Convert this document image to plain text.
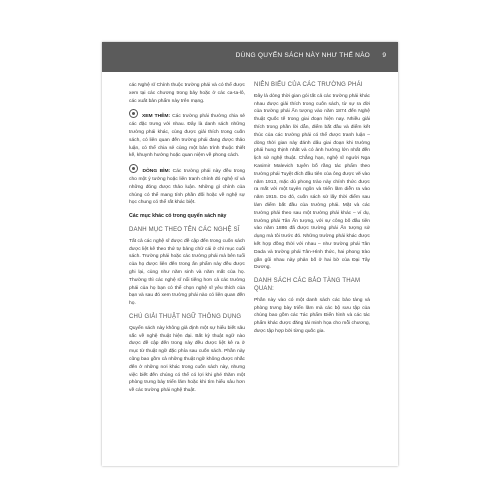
DÙNG QUYỂN SÁCH NÀY NHƯ THẾ NÀO 9

các Nghệ sĩ Chính thuộc trường phái và có thể được xem tại các chương trong bảy hoặc ở các ca-ta-lô, các xuất bản phẩm này trên mạng.

XEM THÊM: Các trường phái thường chia sẻ các đặc trưng với nhau. Đây là danh sách những trường phái khác, cùng được giải thích trong cuốn sách, có liên quan đến trường phái đang được thảo luận, có thể chia sẻ cùng một bản trình thuộc thiết kế, khuynh hướng hoặc quan niệm về phong cách.

DÒNG BÌM: Các trường phái này đều trong cho một ý tưởng hoặc liên tranh chính đó nghệ sĩ và những đóng được thảo luận. Những gì chính của chúng có thể mang tính phần đối hoặc về nghệ sự học chung có thể rất khác biệt.

Các mục khác có trong quyển sách này
DANH MỤC THEO TÊN CÁC NGHỆ SĨ

Tất cả các nghệ sĩ được đề cập đến trong cuốn sách được liệt kê theo thứ tự bảng chữ cái ở chỉ mục cuối sách. Trường phái hoặc các trường phái mà bên tuổi của họ được liên đến trong ấn phẩm này đều được ghi lại, cùng như năm sinh và năm mất của họ. Thường thì các nghệ sĩ nổi tiếng hơn cả các trường phái của họ bạn có thể chọn nghệ sĩ yêu thích của bạn và sau đó xem trường phái nào có liên quan đến họ.

CHÚ GIẢI THUẬT NGỮ THÔNG DỤNG

Quyển sách này không giả định một sự hiểu biết sâu sắc về nghệ thuật hiện đại. Bất kỳ thuật ngữ nào được đề cập đến trong này đều được liệt kê ra ở mục từ thuật ngữ đặc phía sau cuốn sách. Phần này cũng bao gồm cả những thuật ngữ không được nhắc đến ở những nơi khác trong cuốn sách này, nhưng việc biết đến chúng có thể có lợi khi ghé thăm một phòng trưng bày triển lãm hoặc khi tìm hiểu sâu hơn về các trường phái nghệ thuật.

NIÊN BIỂU CỦA CÁC TRƯỜNG PHÁI

Đây là dòng thời gian gói tất cả các trường phái khác nhau được giải thích trong cuốn sách, từ sự ra đời của trường phái Ấn tượng vào năm 1874 đến Nghệ thuật Quốc tế trong giai đoạn hiện nay. Nhiều giải thích trong phần lời dẫn, điểm bắt đầu và điểm kết thúc của các trường phái có thể được tranh luận – dòng thời gian này đánh dấu giai đoạn khi trường phái hung thịnh nhất và có ảnh hưởng lớn nhất đến lịch sử nghệ thuật. Chẳng hạn, nghệ sĩ người Nga Kasimir Malevich tuyên bố rằng tác phẩm theo trường phái Tuyệt đích đầu tiên của ông được vẽ vào năm 1913, mặc dù phong trào này chính thức được ra mắt với một tuyên ngôn và triển lãm diễn ra vào năm 1915. Do đó, cuốn sách sử lấy thời điểm sau làm điểm bắt đầu của trường phái. Mặt và các trường phái theo sau một trường phái khác – ví dụ, trường phái Tân Ấn tượng, với sự công bố đầu tiên vào năm 1886 đã được trường phái Ấn tượng sử dụng mà tôi trước đó. Những trường phái khác được kết hợp đồng thời với nhau – như trường phái Tân Dada và trường phái Tân-Hình thức, hai phong trào gần gũi nhau này phản bố ở hai bờ của Đại Tây Dương.

DANH SÁCH CÁC BẢO TÀNG THAM QUAN:

Phần này vào có một danh sách các bảo tàng và phòng trưng bày triển lãm mà các bộ sưu tập của chúng bao gồm các Tác phẩm Điển hình và các tác phẩm khác được đăng tải minh họa cho mỗi chương, được tập hợp bởi từng quốc gia.
